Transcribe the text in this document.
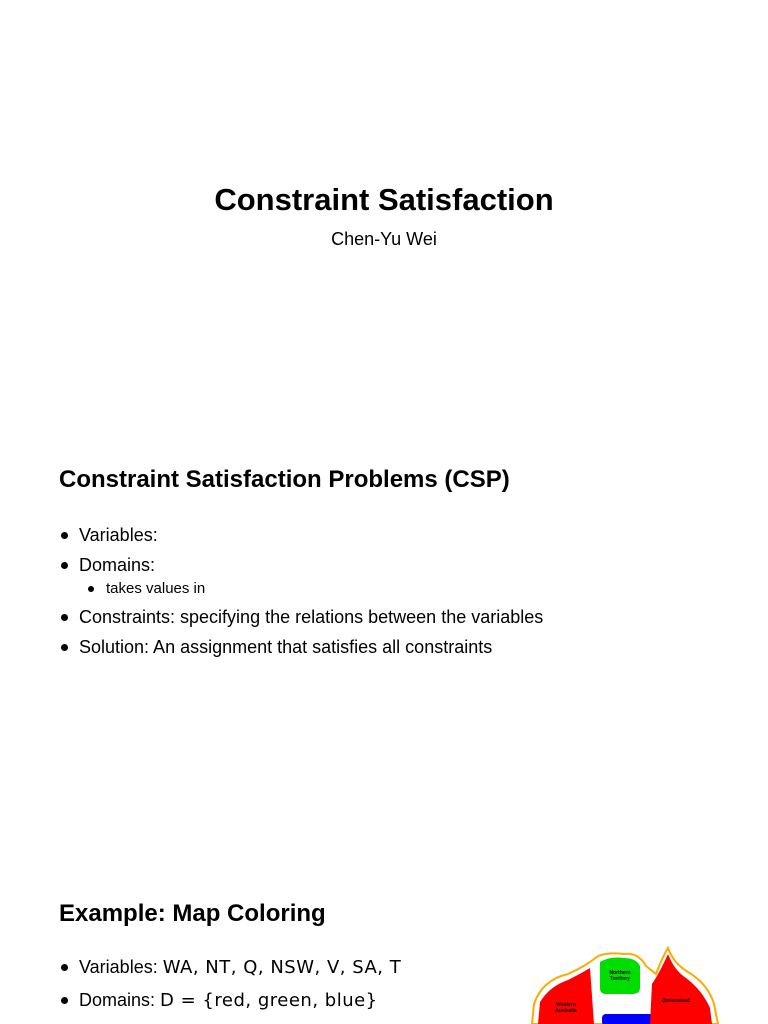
Constraint Satisfaction

Chen-Yu Wei

Constraint Satisfaction Problems (CSP)
Variables:
Domains:
takes values in
Constraints: specifying the relations between the variables
Solution: An assignment that satisfies all constraints
Example: Map Coloring
Variables: WA, NT, Q, NSW, V, SA, T
Domains: D = {red, green, blue}	Western Australia
Northern Territory
Queensland
